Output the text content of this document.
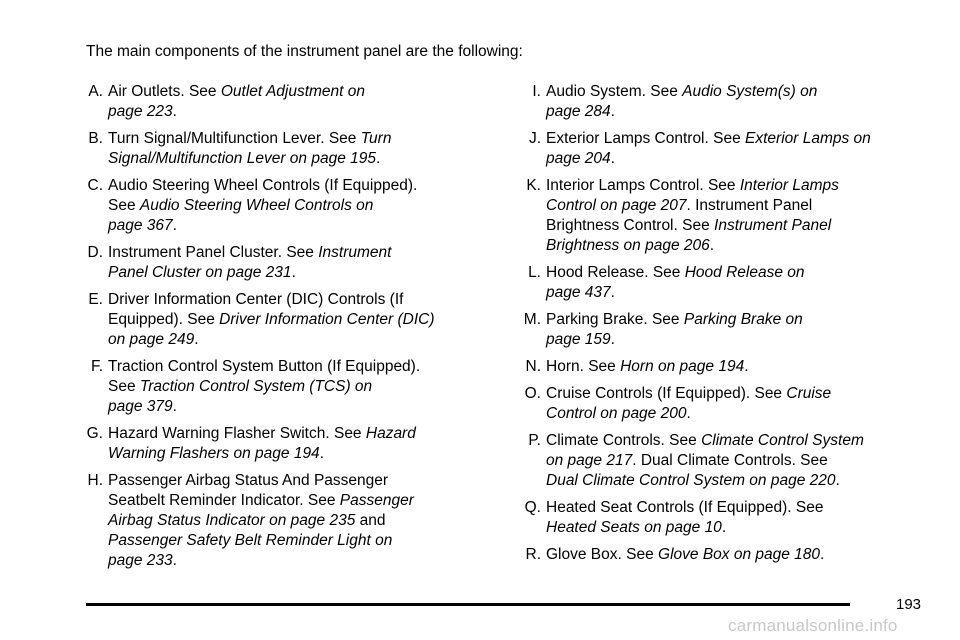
The main components of the instrument panel are the following:
A. Air Outlets. See Outlet Adjustment on
page 223.
B. Turn Signal/Multifunction Lever. See Turn
Signal/Multifunction Lever on page 195.
C. Audio Steering Wheel Controls (If Equipped).
See Audio Steering Wheel Controls on
page 367.
D. Instrument Panel Cluster. See Instrument
Panel Cluster on page 231.
E. Driver Information Center (DIC) Controls (If
Equipped). See Driver Information Center (DIC)
on page 249.
F. Traction Control System Button (If Equipped).
See Traction Control System (TCS) on
page 379.
G. Hazard Warning Flasher Switch. See Hazard
Warning Flashers on page 194.
H. Passenger Airbag Status And Passenger
Seatbelt Reminder Indicator. See Passenger
Airbag Status Indicator on page 235 and
Passenger Safety Belt Reminder Light on
page 233.
I. Audio System. See Audio System(s) on
page 284.
J. Exterior Lamps Control. See Exterior Lamps on
page 204.
K. Interior Lamps Control. See Interior Lamps
Control on page 207. Instrument Panel
Brightness Control. See Instrument Panel
Brightness on page 206.
L. Hood Release. See Hood Release on
page 437.
M. Parking Brake. See Parking Brake on
page 159.
N. Horn. See Horn on page 194.
O. Cruise Controls (If Equipped). See Cruise
Control on page 200.
P. Climate Controls. See Climate Control System
on page 217. Dual Climate Controls. See
Dual Climate Control System on page 220.
Q. Heated Seat Controls (If Equipped). See
Heated Seats on page 10.
R. Glove Box. See Glove Box on page 180.
193
carmanualsonline.info
